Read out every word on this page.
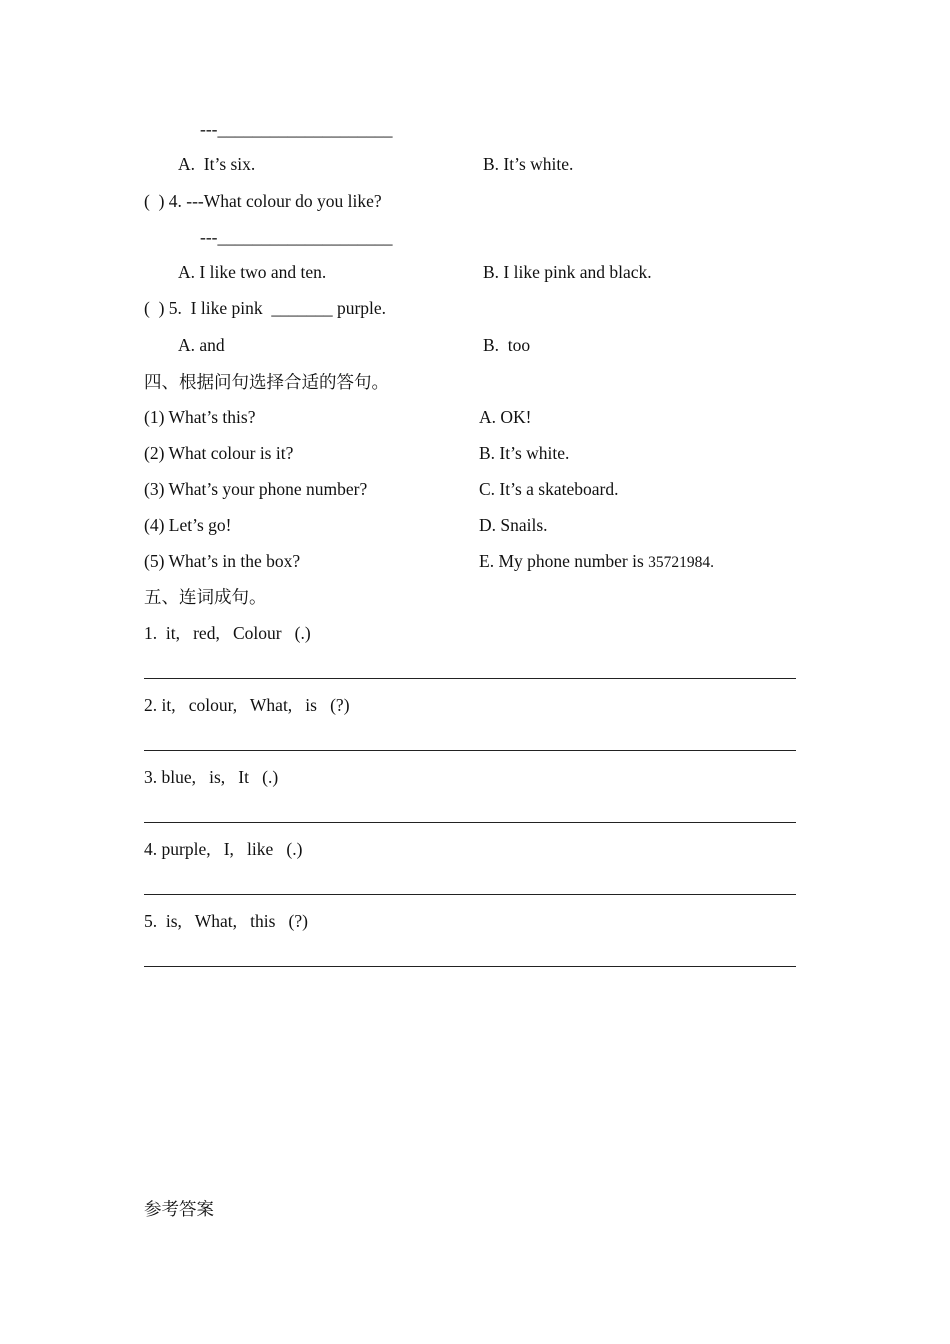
---____________________
A.  It’s six.	B. It’s white.
(  ) 4. ---What colour do you like?
---____________________
A. I like two and ten.	B. I like pink and black.
(  ) 5.  I like pink  _______ purple.
A. and	B.  too
四、根据问句选择合适的答句。
(1) What’s this?	A. OK!
(2) What colour is it?	B. It’s white.
(3) What’s your phone number?	C. It’s a skateboard.
(4) Let’s go!	D. Snails.
(5) What’s in the box?	E. My phone number is 35721984.
五、连词成句。
1.  it,   red,   Colour   (.)
2. it,   colour,   What,   is   (?)
3. blue,   is,   It   (.)
4. purple,   I,   like   (.)
5.  is,   What,   this   (?)
参考答案
